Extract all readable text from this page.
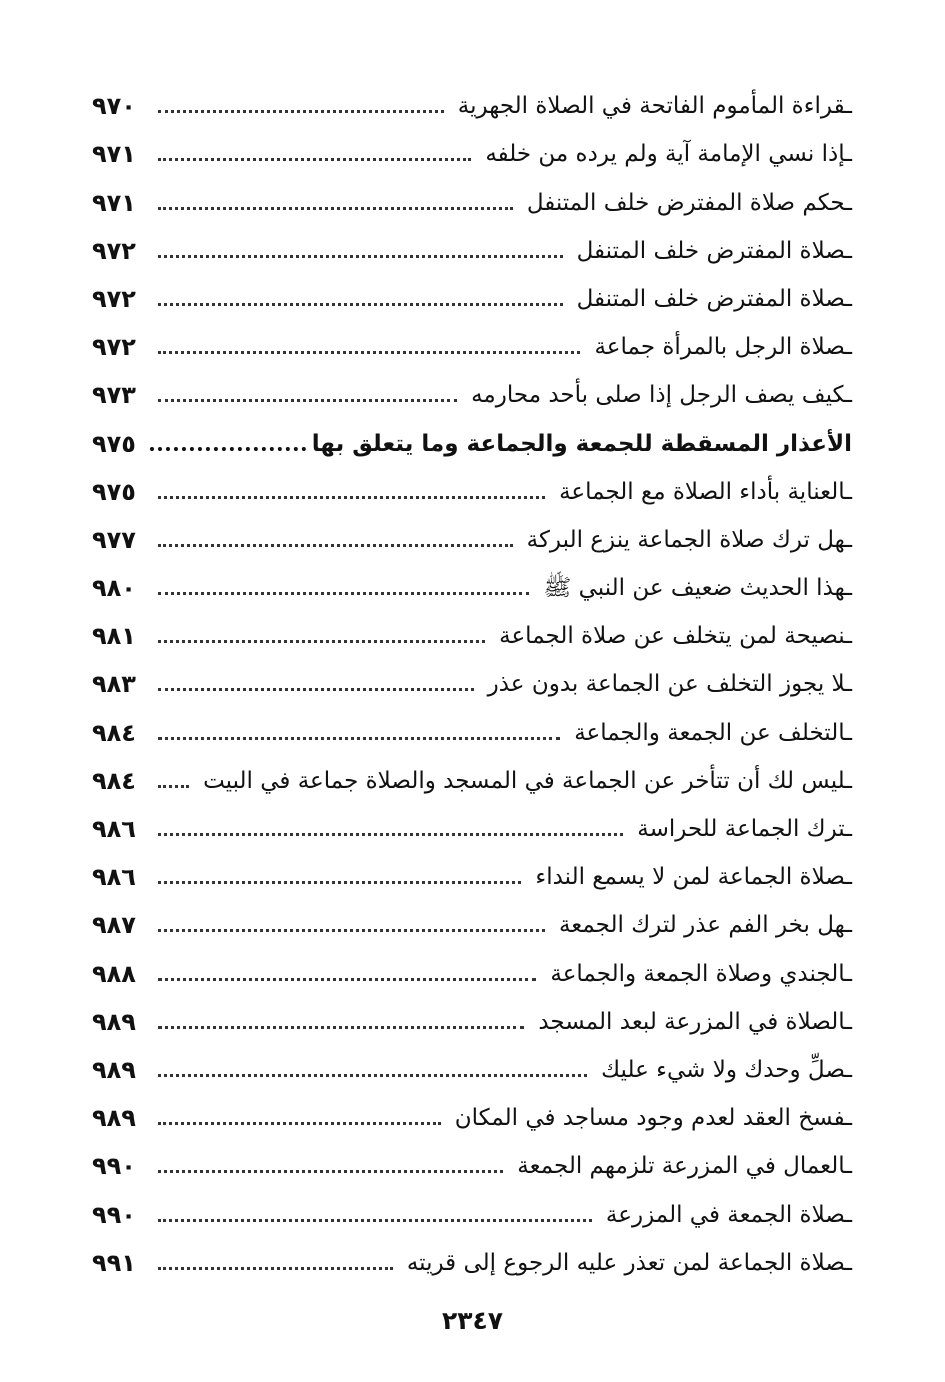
ـقراءة المأموم الفاتحة في الصلاة الجهرية
٩٧٠
ـإذا نسي الإمامة آية ولم يرده من خلفه
٩٧١
ـحكم صلاة المفترض خلف المتنفل
٩٧١
ـصلاة المفترض خلف المتنفل
٩٧٢
ـصلاة المفترض خلف المتنفل
٩٧٢
ـصلاة الرجل بالمرأة جماعة
٩٧٢
ـكيف يصف الرجل إذا صلى بأحد محارمه
٩٧٣
الأعذار المسقطة للجمعة والجماعة وما يتعلق بها
٩٧٥
ـالعناية بأداء الصلاة مع الجماعة
٩٧٥
ـهل ترك صلاة الجماعة ينزع البركة
٩٧٧
ـهذا الحديث ضعيف عن النبي ﷺ
٩٨٠
ـنصيحة لمن يتخلف عن صلاة الجماعة
٩٨١
ـلا يجوز التخلف عن الجماعة بدون عذر
٩٨٣
ـالتخلف عن الجمعة والجماعة
٩٨٤
ـليس لك أن تتأخر عن الجماعة في المسجد والصلاة جماعة في البيت
٩٨٤
ـترك الجماعة للحراسة
٩٨٦
ـصلاة الجماعة لمن لا يسمع النداء
٩٨٦
ـهل بخر الفم عذر لترك الجمعة
٩٨٧
ـالجندي وصلاة الجمعة والجماعة
٩٨٨
ـالصلاة في المزرعة لبعد المسجد
٩٨٩
ـصلِّ وحدك ولا شيء عليك
٩٨٩
ـفسخ العقد لعدم وجود مساجد في المكان
٩٨٩
ـالعمال في المزرعة تلزمهم الجمعة
٩٩٠
ـصلاة الجمعة في المزرعة
٩٩٠
ـصلاة الجماعة لمن تعذر عليه الرجوع إلى قريته
٩٩١
٢٣٤٧
